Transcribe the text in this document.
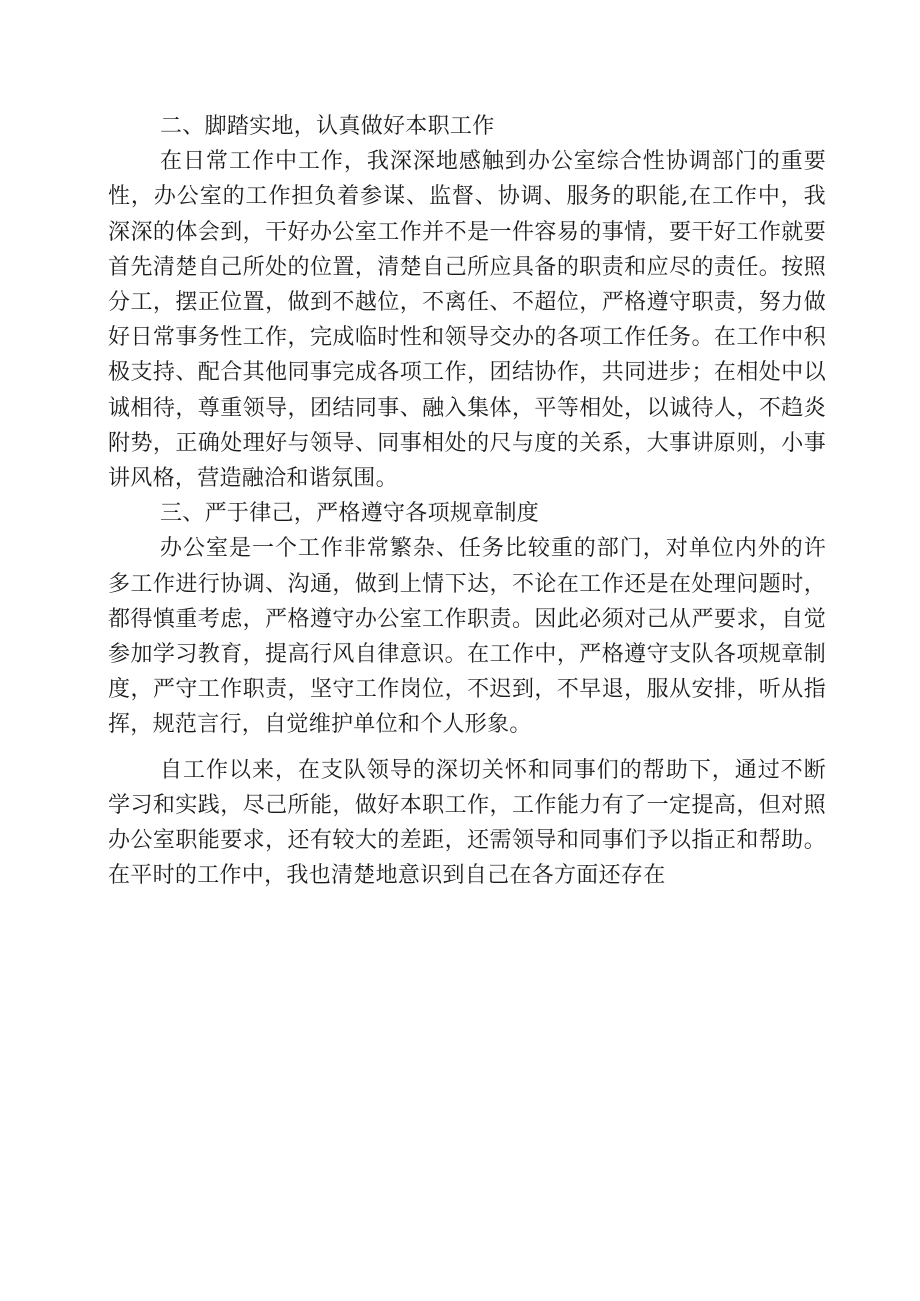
二、脚踏实地，认真做好本职工作

在日常工作中工作，我深深地感触到办公室综合性协调部门的重要性，办公室的工作担负着参谋、监督、协调、服务的职能,在工作中，我深深的体会到，干好办公室工作并不是一件容易的事情，要干好工作就要首先清楚自己所处的位置，清楚自己所应具备的职责和应尽的责任。按照分工，摆正位置，做到不越位，不离任、不超位，严格遵守职责，努力做好日常事务性工作，完成临时性和领导交办的各项工作任务。在工作中积极支持、配合其他同事完成各项工作，团结协作，共同进步；在相处中以诚相待，尊重领导，团结同事、融入集体，平等相处，以诚待人，不趋炎附势，正确处理好与领导、同事相处的尺与度的关系，大事讲原则，小事讲风格，营造融洽和谐氛围。

三、严于律己，严格遵守各项规章制度

办公室是一个工作非常繁杂、任务比较重的部门，对单位内外的许多工作进行协调、沟通，做到上情下达，不论在工作还是在处理问题时，都得慎重考虑，严格遵守办公室工作职责。因此必须对己从严要求，自觉参加学习教育，提高行风自律意识。在工作中，严格遵守支队各项规章制度，严守工作职责，坚守工作岗位，不迟到，不早退，服从安排，听从指挥，规范言行，自觉维护单位和个人形象。

自工作以来，在支队领导的深切关怀和同事们的帮助下，通过不断学习和实践，尽己所能，做好本职工作，工作能力有了一定提高，但对照办公室职能要求，还有较大的差距，还需领导和同事们予以指正和帮助。在平时的工作中，我也清楚地意识到自己在各方面还存在
